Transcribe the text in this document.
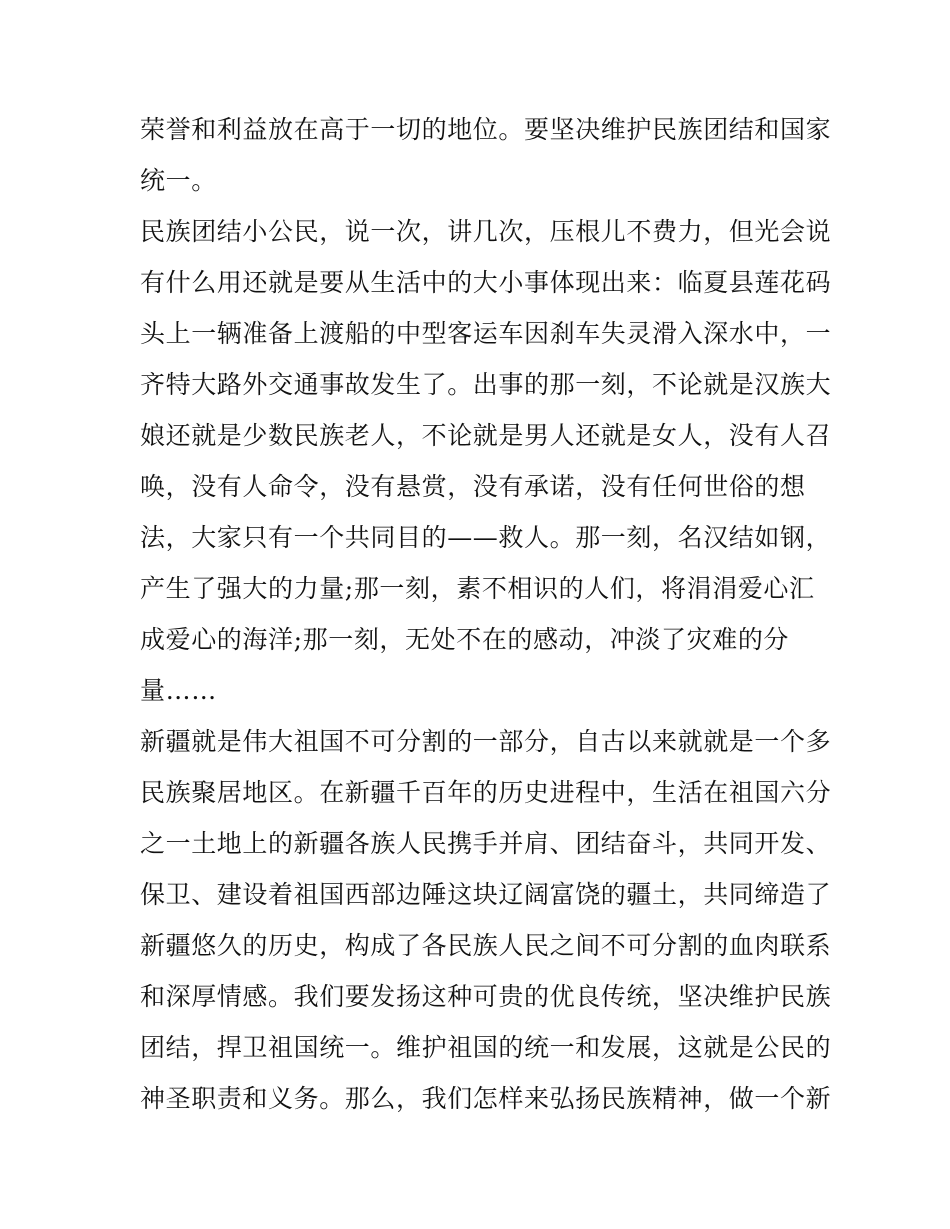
荣誉和利益放在高于一切的地位。要坚决维护民族团结和国家
统一。
民族团结小公民，说一次，讲几次，压根儿不费力，但光会说
有什么用还就是要从生活中的大小事体现出来：临夏县莲花码
头上一辆准备上渡船的中型客运车因刹车失灵滑入深水中，一
齐特大路外交通事故发生了。出事的那一刻，不论就是汉族大
娘还就是少数民族老人，不论就是男人还就是女人，没有人召
唤，没有人命令，没有悬赏，没有承诺，没有任何世俗的想
法，大家只有一个共同目的——救人。那一刻，名汉结如钢，
产生了强大的力量;那一刻，素不相识的人们，将涓涓爱心汇
成爱心的海洋;那一刻，无处不在的感动，冲淡了灾难的分
量……
新疆就是伟大祖国不可分割的一部分，自古以来就就是一个多
民族聚居地区。在新疆千百年的历史进程中，生活在祖国六分
之一土地上的新疆各族人民携手并肩、团结奋斗，共同开发、
保卫、建设着祖国西部边陲这块辽阔富饶的疆土，共同缔造了
新疆悠久的历史，构成了各民族人民之间不可分割的血肉联系
和深厚情感。我们要发扬这种可贵的优良传统，坚决维护民族
团结，捍卫祖国统一。维护祖国的统一和发展，这就是公民的
神圣职责和义务。那么，我们怎样来弘扬民族精神，做一个新
